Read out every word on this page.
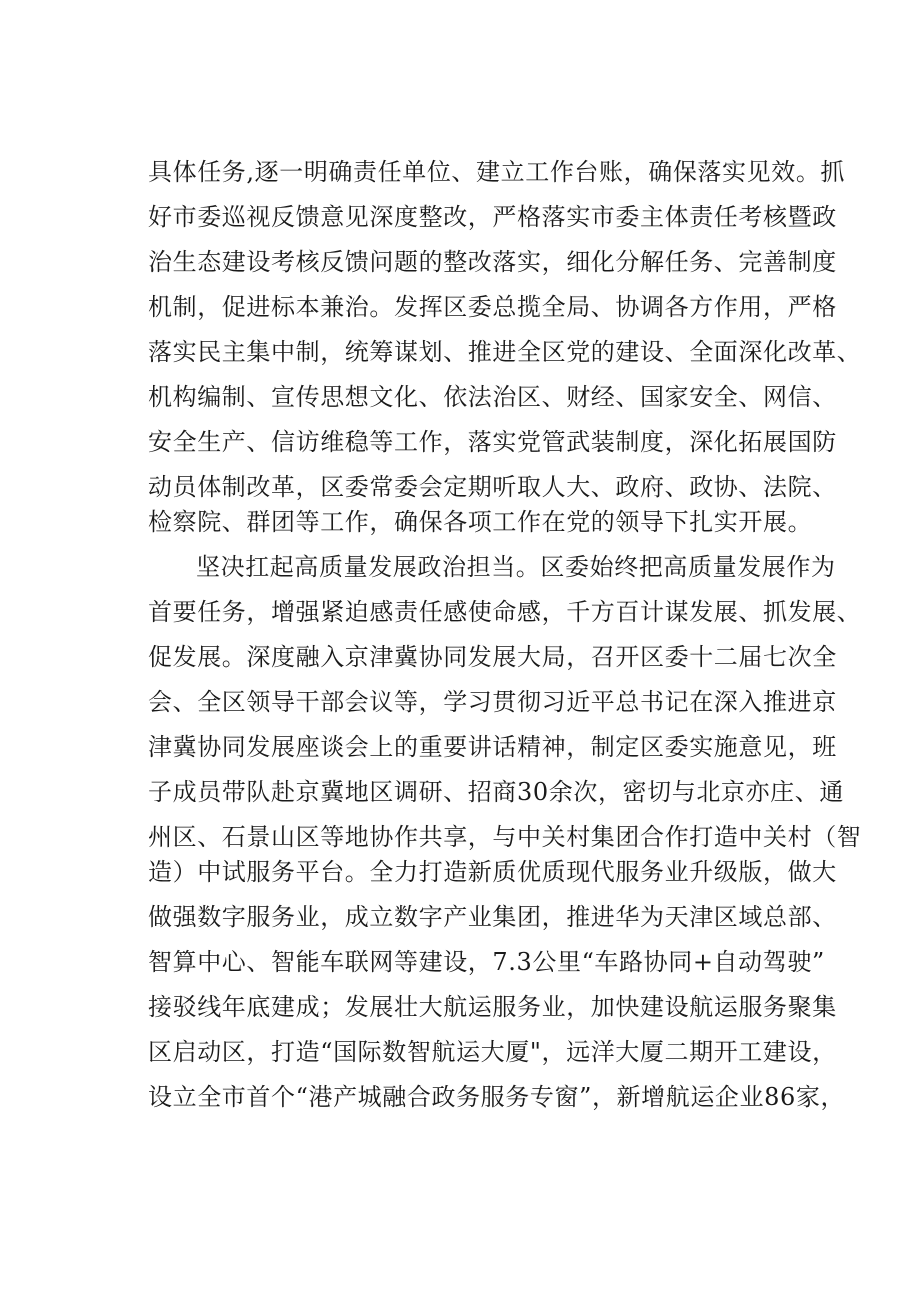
具体任务,逐一明确责任单位、建立工作台账，确保落实见效。抓
好市委巡视反馈意见深度整改，严格落实市委主体责任考核暨政
治生态建设考核反馈问题的整改落实，细化分解任务、完善制度
机制，促进标本兼治。发挥区委总揽全局、协调各方作用，严格
落实民主集中制，统筹谋划、推进全区党的建设、全面深化改革、
机构编制、宣传思想文化、依法治区、财经、国家安全、网信、
安全生产、信访维稳等工作，落实党管武装制度，深化拓展国防
动员体制改革，区委常委会定期听取人大、政府、政协、法院、
检察院、群团等工作，确保各项工作在党的领导下扎实开展。
坚决扛起高质量发展政治担当。区委始终把高质量发展作为
首要任务，增强紧迫感责任感使命感，千方百计谋发展、抓发展、
促发展。深度融入京津冀协同发展大局，召开区委十二届七次全
会、全区领导干部会议等，学习贯彻习近平总书记在深入推进京
津冀协同发展座谈会上的重要讲话精神，制定区委实施意见，班
子成员带队赴京冀地区调研、招商30余次，密切与北京亦庄、通
州区、石景山区等地协作共享，与中关村集团合作打造中关村（智
造）中试服务平台。全力打造新质优质现代服务业升级版，做大
做强数字服务业，成立数字产业集团，推进华为天津区域总部、
智算中心、智能车联网等建设，7.3公里“车路协同+自动驾驶”
接驳线年底建成；发展壮大航运服务业，加快建设航运服务聚集
区启动区，打造“国际数智航运大厦"，远洋大厦二期开工建设，
设立全市首个“港产城融合政务服务专窗”，新增航运企业86家，
